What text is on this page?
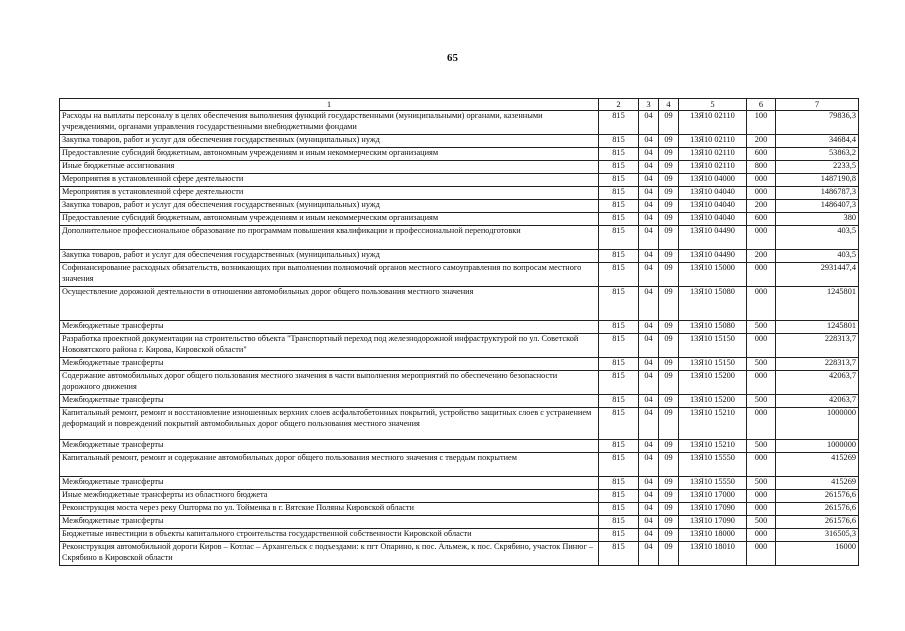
65
1	2	3	4	5	6	7
Расходы на выплаты персоналу в целях обеспечения выполнения функций государственными (муниципальными) органами, казенными учреждениями, органами управления государственными внебюджетными фондами	815	04	09	13Я10 02110	100	79836,3
Закупка товаров, работ и услуг для обеспечения государственных (муниципальных) нужд	815	04	09	13Я10 02110	200	34684,4
Предоставление субсидий бюджетным, автономным учреждениям и иным некоммерческим организациям	815	04	09	13Я10 02110	600	53863,2
Иные бюджетные ассигнования	815	04	09	13Я10 02110	800	2233,5
Мероприятия в установленной сфере деятельности	815	04	09	13Я10 04000	000	1487190,8
Мероприятия в установленной сфере деятельности	815	04	09	13Я10 04040	000	1486787,3
Закупка товаров, работ и услуг для обеспечения государственных (муниципальных) нужд	815	04	09	13Я10 04040	200	1486407,3
Предоставление субсидий бюджетным, автономным учреждениям и иным некоммерческим организациям	815	04	09	13Я10 04040	600	380
Дополнительное профессиональное образование по программам повышения квалификации и профессиональной переподготовки	815	04	09	13Я10 04490	000	403,5
Закупка товаров, работ и услуг для обеспечения государственных (муниципальных) нужд	815	04	09	13Я10 04490	200	403,5
Софинансирование расходных обязательств, возникающих при выполнении полномочий органов местного самоуправления по вопросам местного значения	815	04	09	13Я10 15000	000	2931447,4
Осуществление дорожной деятельности в отношении автомобильных дорог общего пользования местного значения	815	04	09	13Я10 15080	000	1245801
Межбюджетные трансферты	815	04	09	13Я10 15080	500	1245801
Разработка проектной документации на строительство объекта "Транспортный переход под железнодорожной инфраструктурой по ул. Советской Нововятского района г. Кирова, Кировской области"	815	04	09	13Я10 15150	000	228313,7
Межбюджетные трансферты	815	04	09	13Я10 15150	500	228313,7
Содержание автомобильных дорог общего пользования местного значения в части выполнения мероприятий по обеспечению безопасности дорожного движения	815	04	09	13Я10 15200	000	42063,7
Межбюджетные трансферты	815	04	09	13Я10 15200	500	42063,7
Капитальный ремонт, ремонт и восстановление изношенных верхних слоев асфальтобетонных покрытий, устройство защитных слоев с устранением деформаций и повреждений покрытий автомобильных дорог общего пользования местного значения	815	04	09	13Я10 15210	000	1000000
Межбюджетные трансферты	815	04	09	13Я10 15210	500	1000000
Капитальный ремонт, ремонт и содержание автомобильных дорог общего пользования местного значения с твердым покрытием	815	04	09	13Я10 15550	000	415269
Межбюджетные трансферты	815	04	09	13Я10 15550	500	415269
Иные межбюджетные трансферты из областного бюджета	815	04	09	13Я10 17000	000	261576,6
Реконструкция моста через реку Ошторма по ул. Тойменка в г. Вятские Поляны Кировской области	815	04	09	13Я10 17090	000	261576,6
Межбюджетные трансферты	815	04	09	13Я10 17090	500	261576,6
Бюджетные инвестиции в объекты капитального строительства государственной собственности Кировской области	815	04	09	13Я10 18000	000	316505,3
Реконструкция автомобильной дороги Киров – Котлас – Архангельск с подъездами: к пгт Опарино, к пос. Альмеж, к пос. Скрябино, участок Пинюг – Скрябино в Кировской области	815	04	09	13Я10 18010	000	16000
